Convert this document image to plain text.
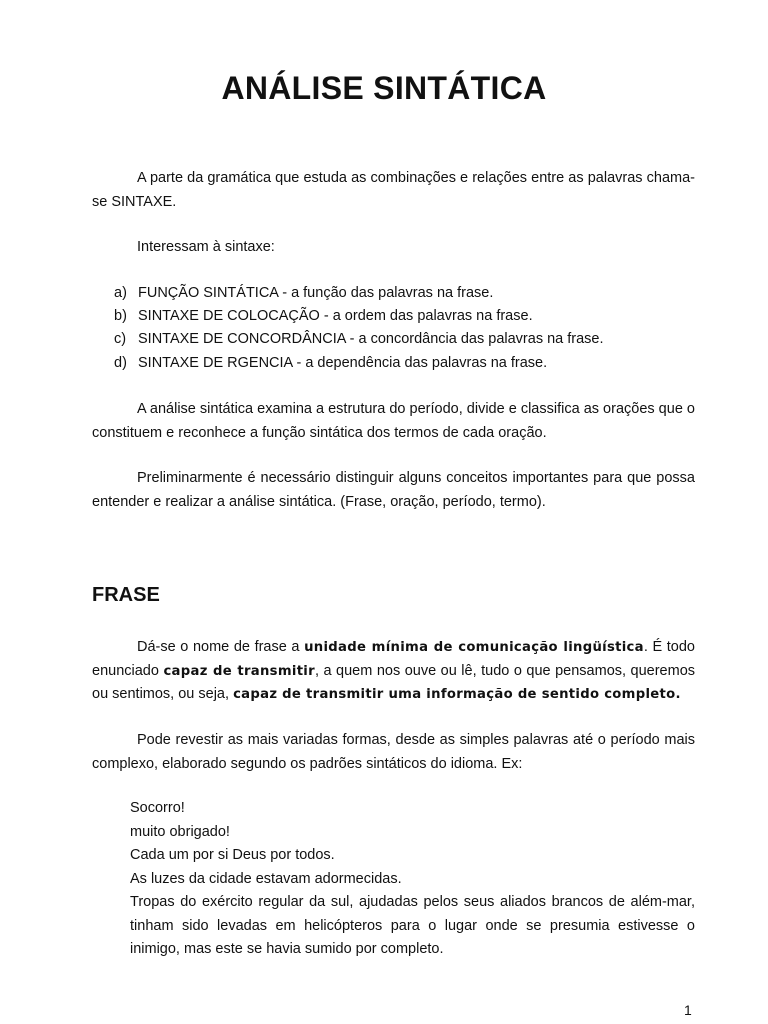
ANÁLISE SINTÁTICA

A parte da gramática que estuda as combinações e relações entre as palavras chama-se SINTAXE.

Interessam à sintaxe:

a) FUNÇÃO SINTÁTICA - a função das palavras na frase.
b) SINTAXE DE COLOCAÇÃO - a ordem das palavras na frase.
c) SINTAXE DE CONCORDÂNCIA - a concordância das palavras na frase.
d) SINTAXE DE RGENCIA - a dependência das palavras na frase.

A análise sintática examina a estrutura do período, divide e classifica as orações que o constituem e reconhece a função sintática dos termos de cada oração.

Preliminarmente é necessário distinguir alguns conceitos importantes para que possa entender e realizar a análise sintática. (Frase, oração, período, termo).

FRASE

Dá-se o nome de frase a unidade mínima de comunicação lingüística. É todo enunciado capaz de transmitir, a quem nos ouve ou lê, tudo o que pensamos, queremos ou sentimos, ou seja, capaz de transmitir uma informação de sentido completo.

Pode revestir as mais variadas formas, desde as simples palavras até o período mais complexo, elaborado segundo os padrões sintáticos do idioma. Ex:

Socorro!
muito obrigado!
Cada um por si Deus por todos.
As luzes da cidade estavam adormecidas.
Tropas do exército regular da sul, ajudadas pelos seus aliados brancos de além-mar, tinham sido levadas em helicópteros para o lugar onde se presumia estivesse o inimigo, mas este se havia sumido por completo.
1
